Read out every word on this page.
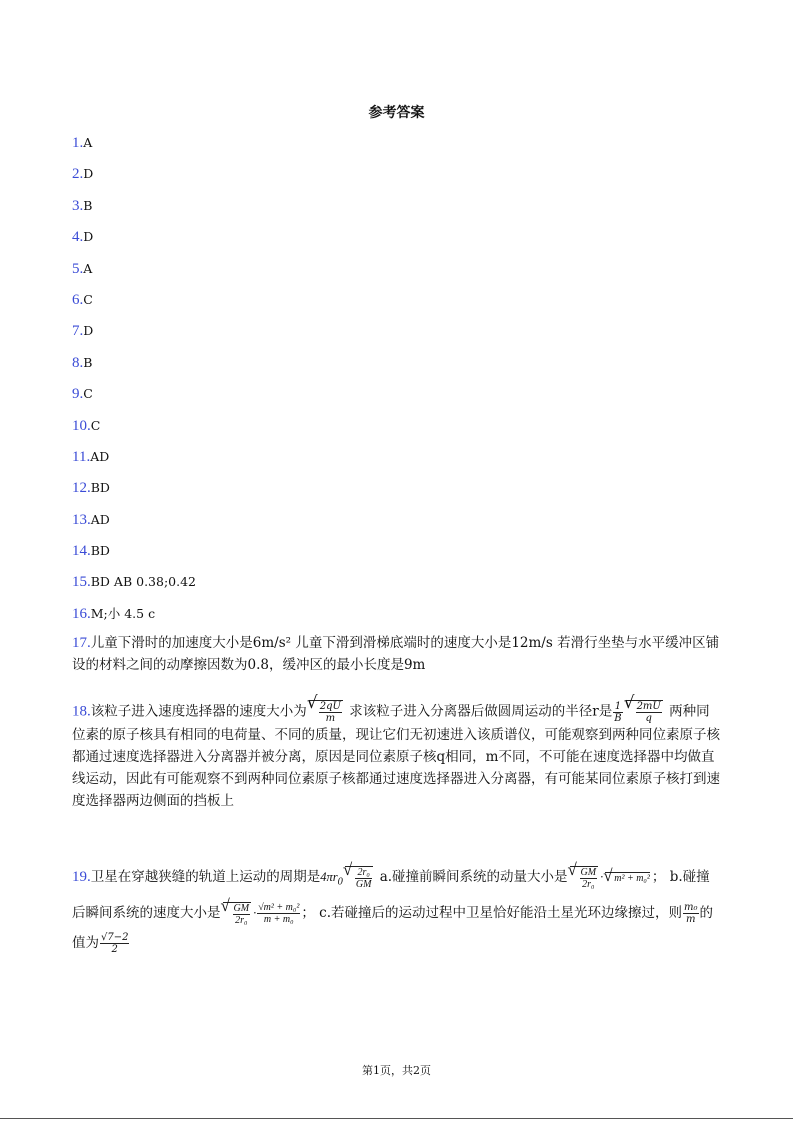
参考答案
1.A
2.D
3.B
4.D
5.A
6.C
7.D
8.B
9.C
10.C
11.AD
12.BD
13.AD
14.BD
15.BD AB 0.38;0.42
16.M;小 4.5 c
17.儿童下滑时的加速度大小是6m/s² 儿童下滑到滑梯底端时的速度大小是12m/s 若滑行坐垫与水平缓冲区铺设的材料之间的动摩擦因数为0.8，缓冲区的最小长度是9m
18.该粒子进入速度选择器的速度大小为 √ $\frac{2qU}{m}$ 求该粒子进入分离器后做圆周运动的半径r是 $\frac{1}{B}$ √ $\frac{2mU}{q}$ 两种同位素的原子核具有相同的电荷量、不同的质量，现让它们无初速进入该质谱仪，可能观察到两种同位素原子核都通过速度选择器进入分离器并被分离，原因是同位素原子核q相同，m不同，不可能在速度选择器中均做直线运动，因此有可能观察不到两种同位素原子核都通过速度选择器进入分离器，有可能某同位素原子核打到速度选择器两边侧面的挡板上
19.卫星在穿越狭缝的轨道上运动的周期是$4\pi r_0$ √ $\frac{\text{2r₀}}{GM} a$.碰撞前瞬间系统的动量大小是 √ $\frac{GM}{\text{2r₀}}$ · √ m² + m₀² ； b.碰撞后瞬间系统的速度大小是 √ $\frac{GM}{\text{2r₀}} \cdot \frac{\text{√m² + m₀²}}{\text{m + m₀}}$ ； c.若碰撞后的运动过程中卫星恰好能沿土星光环边缘擦过，则 $\frac{\text{m₀}}{m}$ 的值为 $\frac{√7-2}{2}$
第1页，共2页
